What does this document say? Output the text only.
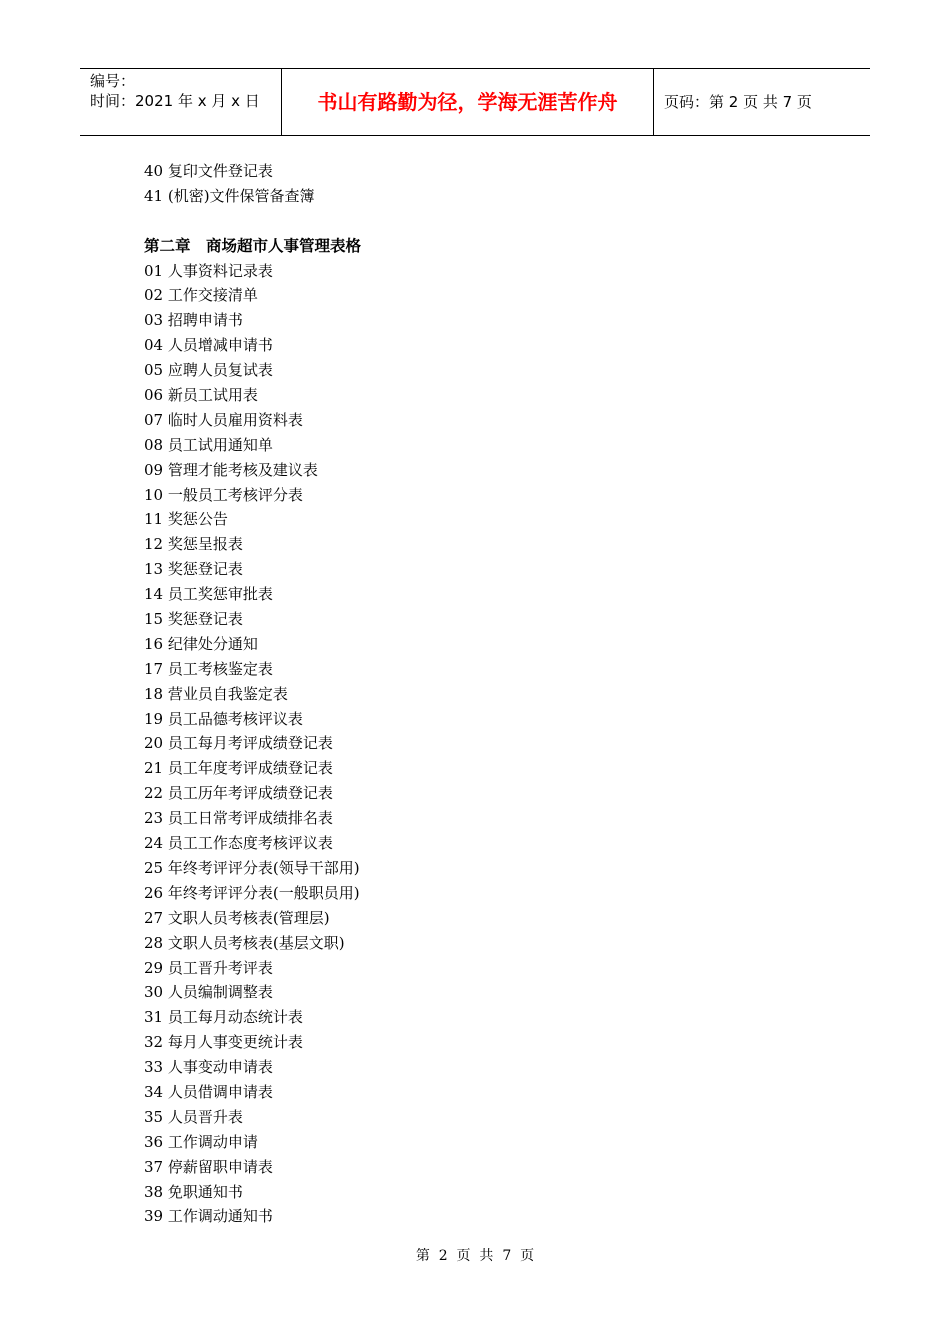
编号：
时间：2021 年 x 月 x 日	书山有路勤为径，学海无涯苦作舟	页码：第 2 页 共 7 页
40 复印文件登记表
41 (机密)文件保管备查簿
第二章　商场超市人事管理表格
01 人事资料记录表
02 工作交接清单
03 招聘申请书
04 人员增减申请书
05 应聘人员复试表
06 新员工试用表
07 临时人员雇用资料表
08 员工试用通知单
09 管理才能考核及建议表
10 一般员工考核评分表
11 奖惩公告
12 奖惩呈报表
13 奖惩登记表
14 员工奖惩审批表
15 奖惩登记表
16 纪律处分通知
17 员工考核鉴定表
18 营业员自我鉴定表
19 员工品德考核评议表
20 员工每月考评成绩登记表
21 员工年度考评成绩登记表
22 员工历年考评成绩登记表
23 员工日常考评成绩排名表
24 员工工作态度考核评议表
25 年终考评评分表(领导干部用)
26 年终考评评分表(一般职员用)
27 文职人员考核表(管理层)
28 文职人员考核表(基层文职)
29 员工晋升考评表
30 人员编制调整表
31 员工每月动态统计表
32 每月人事变更统计表
33 人事变动申请表
34 人员借调申请表
35 人员晋升表
36 工作调动申请
37 停薪留职申请表
38 免职通知书
39 工作调动通知书
第  2  页  共  7  页
